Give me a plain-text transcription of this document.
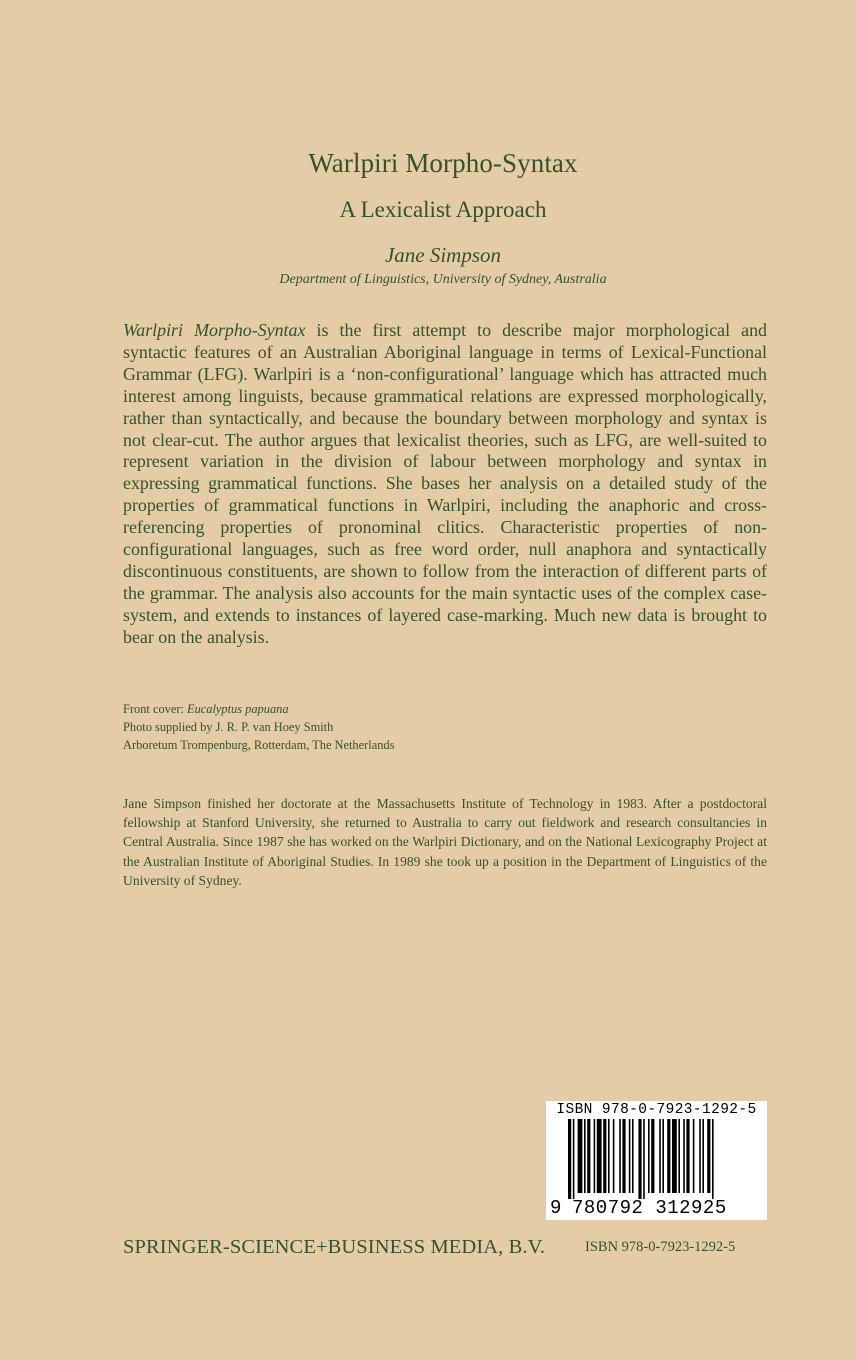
Warlpiri Morpho-Syntax
A Lexicalist Approach
Jane Simpson
Department of Linguistics, University of Sydney, Australia
Warlpiri Morpho-Syntax is the first attempt to describe major morphological and syntactic features of an Australian Aboriginal language in terms of Lexical-Functional Grammar (LFG). Warlpiri is a ‘non-configurational’ language which has attracted much interest among linguists, because grammatical relations are expressed morphologically, rather than syntactically, and because the boundary between morphology and syntax is not clear-cut. The author argues that lexicalist theories, such as LFG, are well-suited to represent variation in the division of labour between morphology and syntax in expressing grammatical functions. She bases her analysis on a detailed study of the properties of grammatical functions in Warlpiri, including the anaphoric and cross-referencing properties of pronominal clitics. Characteristic properties of non-configurational languages, such as free word order, null anaphora and syntactically discontinuous constituents, are shown to follow from the interaction of different parts of the grammar. The analysis also accounts for the main syntactic uses of the complex case-system, and extends to instances of layered case-marking. Much new data is brought to bear on the analysis.
Front cover: Eucalyptus papuana
Photo supplied by J. R. P. van Hoey Smith
Arboretum Trompenburg, Rotterdam, The Netherlands
Jane Simpson finished her doctorate at the Massachusetts Institute of Technology in 1983. After a postdoctoral fellowship at Stanford University, she returned to Australia to carry out fieldwork and research consultancies in Central Australia. Since 1987 she has worked on the Warlpiri Dictionary, and on the National Lexicography Project at the Australian Institute of Aboriginal Studies. In 1989 she took up a position in the Department of Linguistics of the University of Sydney.
ISBN 978-0-7923-1292-5
9 780792 312925
SPRINGER-SCIENCE+BUSINESS MEDIA, B.V.	ISBN 978-0-7923-1292-5
